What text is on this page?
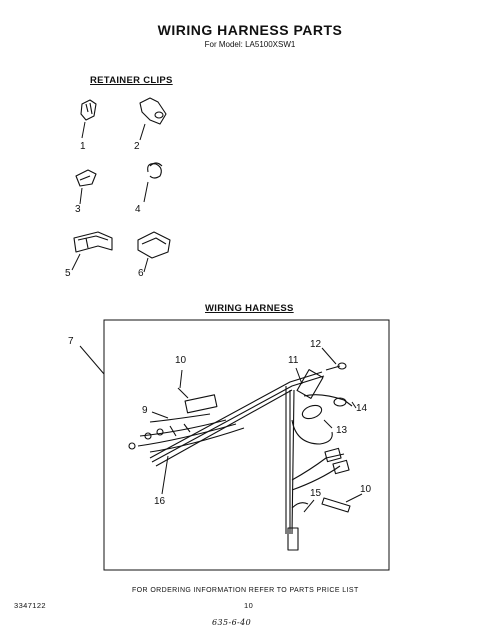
WIRING HARNESS PARTS
For Model: LA5100XSW1
RETAINER CLIPS
WIRING HARNESS
1	2
3	4
5	6
7
10
9
11
12
14
13
15	10
16
FOR ORDERING INFORMATION REFER TO PARTS PRICE LIST
3347122	10
635-6-40
